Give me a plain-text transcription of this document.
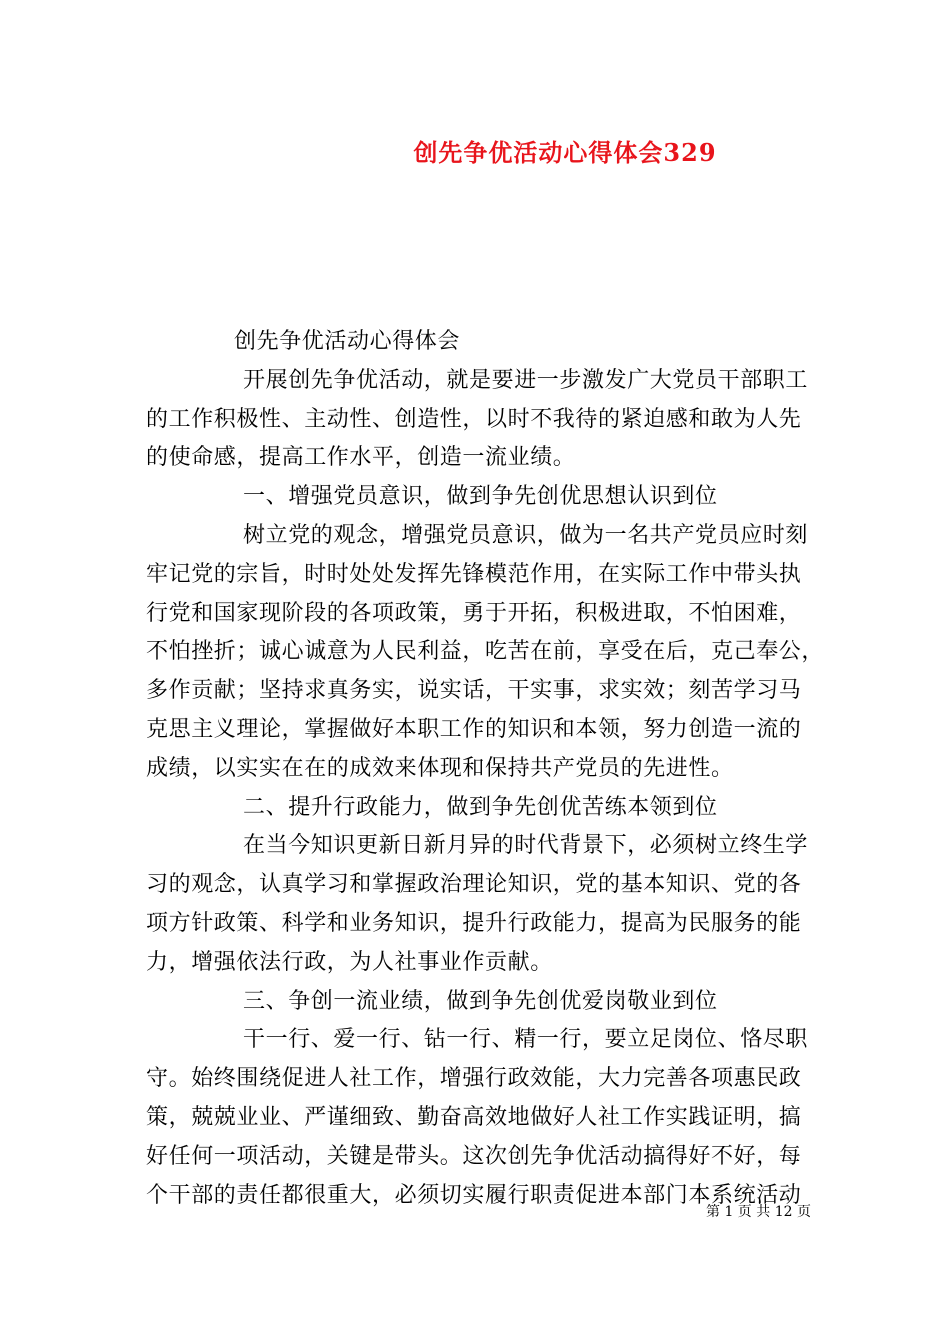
创先争优活动心得体会329
创先争优活动心得体会
开展创先争优活动，就是要进一步激发广大党员干部职工
的工作积极性、主动性、创造性，以时不我待的紧迫感和敢为人先
的使命感，提高工作水平，创造一流业绩。
一、增强党员意识，做到争先创优思想认识到位
树立党的观念，增强党员意识，做为一名共产党员应时刻
牢记党的宗旨，时时处处发挥先锋模范作用，在实际工作中带头执
行党和国家现阶段的各项政策，勇于开拓，积极进取，不怕困难，
不怕挫折；诚心诚意为人民利益，吃苦在前，享受在后，克己奉公，
多作贡献；坚持求真务实，说实话，干实事，求实效；刻苦学习马
克思主义理论，掌握做好本职工作的知识和本领，努力创造一流的
成绩，以实实在在的成效来体现和保持共产党员的先进性。
二、提升行政能力，做到争先创优苦练本领到位
在当今知识更新日新月异的时代背景下，必须树立终生学
习的观念，认真学习和掌握政治理论知识，党的基本知识、党的各
项方针政策、科学和业务知识，提升行政能力，提高为民服务的能
力，增强依法行政，为人社事业作贡献。
三、争创一流业绩，做到争先创优爱岗敬业到位
干一行、爱一行、钻一行、精一行，要立足岗位、恪尽职
守。始终围绕促进人社工作，增强行政效能，大力完善各项惠民政
策，兢兢业业、严谨细致、勤奋高效地做好人社工作实践证明，搞
好任何一项活动，关键是带头。这次创先争优活动搞得好不好，每
个干部的责任都很重大，必须切实履行职责促进本部门本系统活动
第 1 页 共 12 页
